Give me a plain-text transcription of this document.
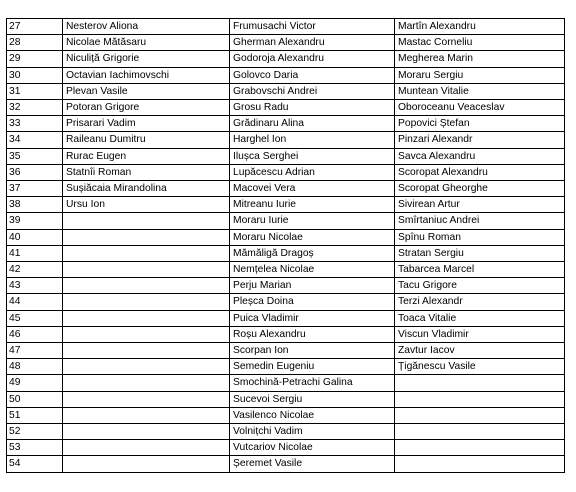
27	Nesterov Aliona	Frumusachi Victor	Martîn Alexandru
28	Nicolae Mătăsaru	Gherman Alexandru	Mastac Corneliu
29	Niculiță Grigorie	Godoroja Alexandru	Megherea Marin
30	Octavian Iachimovschi	Golovco Daria	Moraru Sergiu
31	Plevan Vasile	Grabovschi Andrei	Muntean Vitalie
32	Potoran Grigore	Grosu Radu	Oboroceanu Veaceslav
33	Prisarari Vadim	Grădinaru Alina	Popovici Ștefan
34	Raileanu Dumitru	Harghel Ion	Pinzari Alexandr
35	Rurac Eugen	Ilușca Serghei	Savca Alexandru
36	Statnîi Roman	Lupăcescu Adrian	Scoropat Alexandru
37	Sușiăcaia Mirandolina	Macovei Vera	Scoropat Gheorghe
38	Ursu Ion	Mitreanu Iurie	Sivirean Artur
39		Moraru Iurie	Smîrtaniuc Andrei
40		Moraru Nicolae	Spînu Roman
41		Mămăligă Dragoș	Stratan Sergiu
42		Nemțelea Nicolae	Tabarcea Marcel
43		Perju Marian	Tacu Grigore
44		Pleșca Doina	Terzi Alexandr
45		Puica Vladimir	Toaca Vitalie
46		Roșu Alexandru	Viscun Vladimir
47		Scorpan Ion	Zavtur Iacov
48		Semedin Eugeniu	Țigănescu Vasile
49		Smochină-Petrachi Galina	
50		Sucevoi Sergiu	
51		Vasilenco Nicolae	
52		Volnițchi Vadim	
53		Vutcariov Nicolae	
54		Șeremet Vasile	
